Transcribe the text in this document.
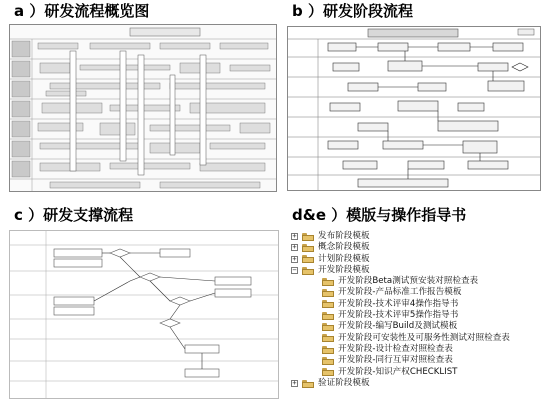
a ）研发流程概览图	b ）研发阶段流程
c ）研发支撑流程	d&e ）模版与操作指导书
+ 发布阶段模板
+ 概念阶段模板
+ 计划阶段模板
− 开发阶段模板
开发阶段Beta测试预安装对照检查表
开发阶段-产品标准工作报告模板
开发阶段-技术评审4操作指导书
开发阶段-技术评审5操作指导书
开发阶段-编写Build及测试模板
开发阶段可安装性及可服务性测试对照检查表
开发阶段-设计检查对照检查表
开发阶段-同行互审对照检查表
开发阶段-知识产权CHECKLIST
+ 验证阶段模板
